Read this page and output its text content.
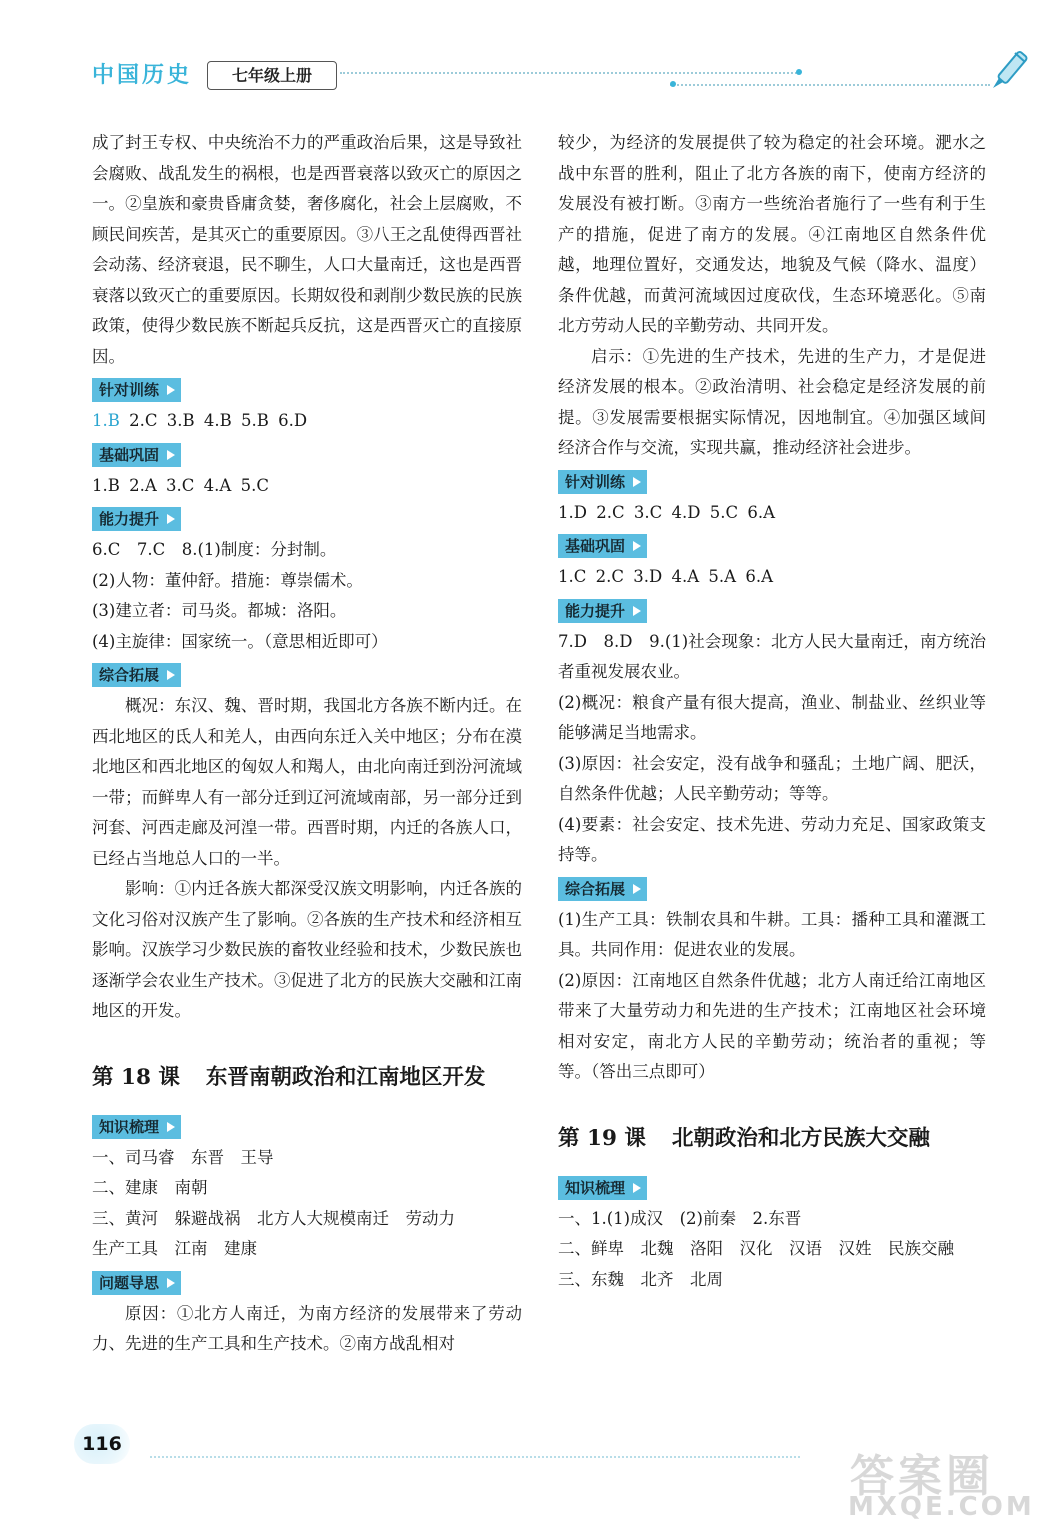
中国历史	七年级上册

成了封王专权、中央统治不力的严重政治后果，这是导致社会腐败、战乱发生的祸根，也是西晋衰落以致灭亡的原因之一。②皇族和豪贵昏庸贪婪，奢侈腐化，社会上层腐败，不顾民间疾苦，是其灭亡的重要原因。③八王之乱使得西晋社会动荡、经济衰退，民不聊生，人口大量南迁，这也是西晋衰落以致灭亡的重要原因。长期奴役和剥削少数民族的民族政策，使得少数民族不断起兵反抗，这是西晋灭亡的直接原因。

针对训练
1.B 2.C 3.B 4.B 5.B 6.D
基础巩固
1.B 2.A 3.C 4.A 5.C
能力提升

6.C　7.C　8.(1)制度：分封制。

(2)人物：董仲舒。措施：尊崇儒术。

(3)建立者：司马炎。都城：洛阳。

(4)主旋律：国家统一。（意思相近即可）

综合拓展

概况：东汉、魏、晋时期，我国北方各族不断内迁。在西北地区的氐人和羌人，由西向东迁入关中地区；分布在漠北地区和西北地区的匈奴人和羯人，由北向南迁到汾河流域一带；而鲜卑人有一部分迁到辽河流域南部，另一部分迁到河套、河西走廊及河湟一带。西晋时期，内迁的各族人口，已经占当地总人口的一半。

影响：①内迁各族大都深受汉族文明影响，内迁各族的文化习俗对汉族产生了影响。②各族的生产技术和经济相互影响。汉族学习少数民族的畜牧业经验和技术，少数民族也逐渐学会农业生产技术。③促进了北方的民族大交融和江南地区的开发。

第 18 课 东晋南朝政治和江南地区开发
知识梳理

一、司马睿　东晋　王导

二、建康　南朝

三、黄河　躲避战祸　北方人大规模南迁　劳动力

生产工具　江南　建康

问题导思

原因：①北方人南迁，为南方经济的发展带来了劳动力、先进的生产工具和生产技术。②南方战乱相对

较少，为经济的发展提供了较为稳定的社会环境。淝水之战中东晋的胜利，阻止了北方各族的南下，使南方经济的发展没有被打断。③南方一些统治者施行了一些有利于生产的措施，促进了南方的发展。④江南地区自然条件优越，地理位置好，交通发达，地貌及气候（降水、温度）条件优越，而黄河流域因过度砍伐，生态环境恶化。⑤南北方劳动人民的辛勤劳动、共同开发。

启示：①先进的生产技术，先进的生产力，才是促进经济发展的根本。②政治清明、社会稳定是经济发展的前提。③发展需要根据实际情况，因地制宜。④加强区域间经济合作与交流，实现共赢，推动经济社会进步。

针对训练
1.D 2.C 3.C 4.D 5.C 6.A
基础巩固
1.C 2.C 3.D 4.A 5.A 6.A
能力提升

7.D　8.D　9.(1)社会现象：北方人民大量南迁，南方统治者重视发展农业。

(2)概况：粮食产量有很大提高，渔业、制盐业、丝织业等能够满足当地需求。

(3)原因：社会安定，没有战争和骚乱；土地广阔、肥沃，自然条件优越；人民辛勤劳动；等等。

(4)要素：社会安定、技术先进、劳动力充足、国家政策支持等。

综合拓展

(1)生产工具：铁制农具和牛耕。工具：播种工具和灌溉工具。共同作用：促进农业的发展。

(2)原因：江南地区自然条件优越；北方人南迁给江南地区带来了大量劳动力和先进的生产技术；江南地区社会环境相对安定，南北方人民的辛勤劳动；统治者的重视；等等。（答出三点即可）

第 19 课 北朝政治和北方民族大交融
知识梳理

一、1.(1)成汉　(2)前秦　2.东晋

二、鲜卑　北魏　洛阳　汉化　汉语　汉姓　民族交融

三、东魏　北齐　北周

116
答案圈
MXQE.COM
